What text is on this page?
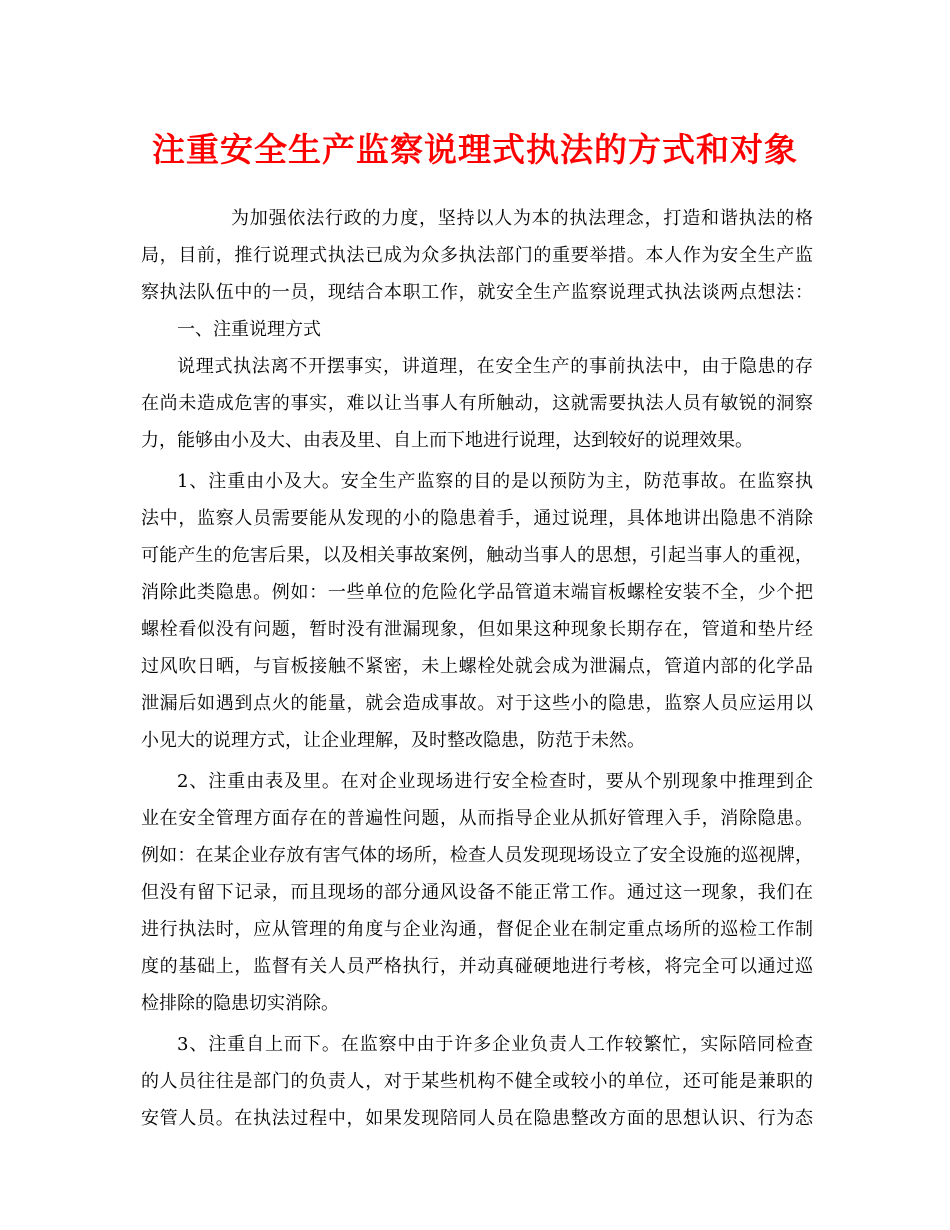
注重安全生产监察说理式执法的方式和对象
为加强依法行政的力度，坚持以人为本的执法理念，打造和谐执法的格
局，目前，推行说理式执法已成为众多执法部门的重要举措。本人作为安全生产监
察执法队伍中的一员，现结合本职工作，就安全生产监察说理式执法谈两点想法：
一、注重说理方式
说理式执法离不开摆事实，讲道理，在安全生产的事前执法中，由于隐患的存
在尚未造成危害的事实，难以让当事人有所触动，这就需要执法人员有敏锐的洞察
力，能够由小及大、由表及里、自上而下地进行说理，达到较好的说理效果。
1、注重由小及大。安全生产监察的目的是以预防为主，防范事故。在监察执
法中，监察人员需要能从发现的小的隐患着手，通过说理，具体地讲出隐患不消除
可能产生的危害后果，以及相关事故案例，触动当事人的思想，引起当事人的重视，
消除此类隐患。例如：一些单位的危险化学品管道末端盲板螺栓安装不全，少个把
螺栓看似没有问题，暂时没有泄漏现象，但如果这种现象长期存在，管道和垫片经
过风吹日晒，与盲板接触不紧密，未上螺栓处就会成为泄漏点，管道内部的化学品
泄漏后如遇到点火的能量，就会造成事故。对于这些小的隐患，监察人员应运用以
小见大的说理方式，让企业理解，及时整改隐患，防范于未然。
2、注重由表及里。在对企业现场进行安全检查时，要从个别现象中推理到企
业在安全管理方面存在的普遍性问题，从而指导企业从抓好管理入手，消除隐患。
例如：在某企业存放有害气体的场所，检查人员发现现场设立了安全设施的巡视牌，
但没有留下记录，而且现场的部分通风设备不能正常工作。通过这一现象，我们在
进行执法时，应从管理的角度与企业沟通，督促企业在制定重点场所的巡检工作制
度的基础上，监督有关人员严格执行，并动真碰硬地进行考核，将完全可以通过巡
检排除的隐患切实消除。
3、注重自上而下。在监察中由于许多企业负责人工作较繁忙，实际陪同检查
的人员往往是部门的负责人，对于某些机构不健全或较小的单位，还可能是兼职的
安管人员。在执法过程中，如果发现陪同人员在隐患整改方面的思想认识、行为态
